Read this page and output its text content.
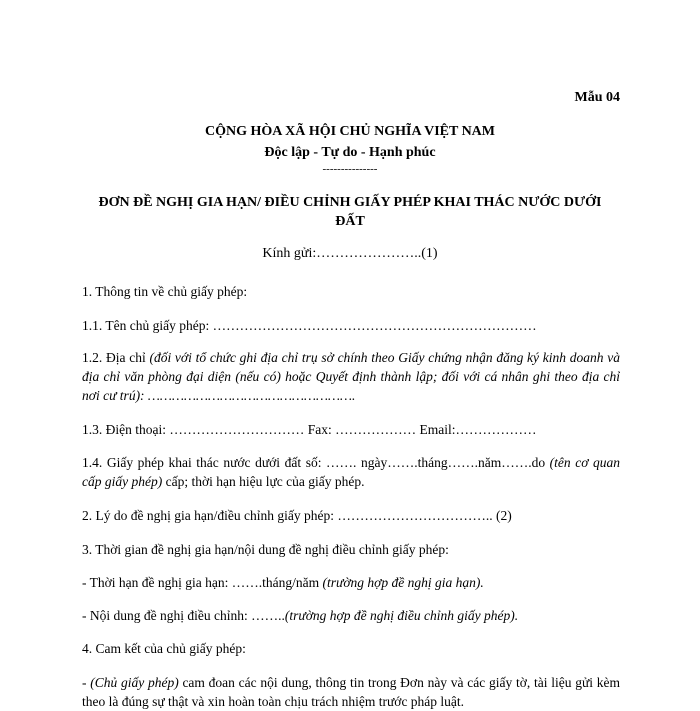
Mẫu 04
CỘNG HÒA XÃ HỘI CHỦ NGHĨA VIỆT NAM
Độc lập - Tự do - Hạnh phúc
---------------
ĐƠN ĐỀ NGHỊ GIA HẠN/ ĐIỀU CHỈNH GIẤY PHÉP KHAI THÁC NƯỚC DƯỚI ĐẤT
Kính gửi:…………………..(1)
1. Thông tin về chủ giấy phép:
1.1. Tên chủ giấy phép: ………………………………………………………………
1.2. Địa chỉ (đối với tổ chức ghi địa chỉ trụ sở chính theo Giấy chứng nhận đăng ký kinh doanh và địa chỉ văn phòng đại diện (nếu có) hoặc Quyết định thành lập; đối với cá nhân ghi theo địa chỉ nơi cư trú): …………………………………………….
1.3. Điện thoại: ………………………… Fax: ……………… Email:………………
1.4. Giấy phép khai thác nước dưới đất số: ……. ngày…….tháng…….năm…….do (tên cơ quan cấp giấy phép) cấp; thời hạn hiệu lực của giấy phép.
2. Lý do đề nghị gia hạn/điều chỉnh giấy phép: …………………………….. (2)
3. Thời gian đề nghị gia hạn/nội dung đề nghị điều chỉnh giấy phép:
- Thời hạn đề nghị gia hạn: …….tháng/năm (trường hợp đề nghị gia hạn).
- Nội dung đề nghị điều chỉnh: ……..(trường hợp đề nghị điều chỉnh giấy phép).
4. Cam kết của chủ giấy phép:
- (Chủ giấy phép) cam đoan các nội dung, thông tin trong Đơn này và các giấy tờ, tài liệu gửi kèm theo là đúng sự thật và xin hoàn toàn chịu trách nhiệm trước pháp luật.
